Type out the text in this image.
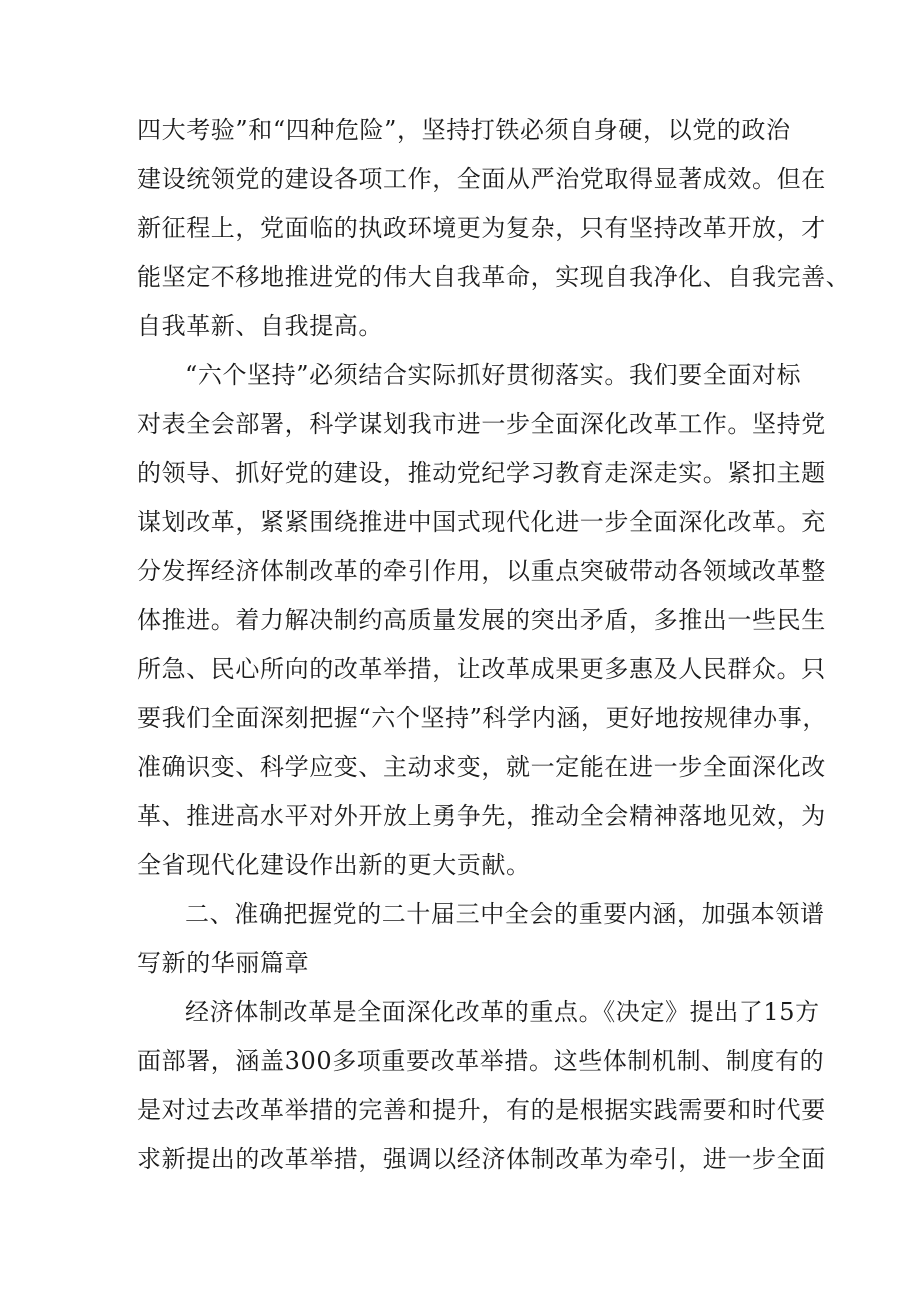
四大考验”和“四种危险”，坚持打铁必须自身硬，以党的政治
建设统领党的建设各项工作，全面从严治党取得显著成效。但在
新征程上，党面临的执政环境更为复杂，只有坚持改革开放，才
能坚定不移地推进党的伟大自我革命，实现自我净化、自我完善、
自我革新、自我提高。
“六个坚持”必须结合实际抓好贯彻落实。我们要全面对标
对表全会部署，科学谋划我市进一步全面深化改革工作。坚持党
的领导、抓好党的建设，推动党纪学习教育走深走实。紧扣主题
谋划改革，紧紧围绕推进中国式现代化进一步全面深化改革。充
分发挥经济体制改革的牵引作用，以重点突破带动各领域改革整
体推进。着力解决制约高质量发展的突出矛盾，多推出一些民生
所急、民心所向的改革举措，让改革成果更多惠及人民群众。只
要我们全面深刻把握“六个坚持”科学内涵，更好地按规律办事，
准确识变、科学应变、主动求变，就一定能在进一步全面深化改
革、推进高水平对外开放上勇争先，推动全会精神落地见效，为
全省现代化建设作出新的更大贡献。
二、准确把握党的二十届三中全会的重要内涵，加强本领谱
写新的华丽篇章
经济体制改革是全面深化改革的重点。《决定》提出了15方
面部署，涵盖300多项重要改革举措。这些体制机制、制度有的
是对过去改革举措的完善和提升，有的是根据实践需要和时代要
求新提出的改革举措，强调以经济体制改革为牵引，进一步全面
